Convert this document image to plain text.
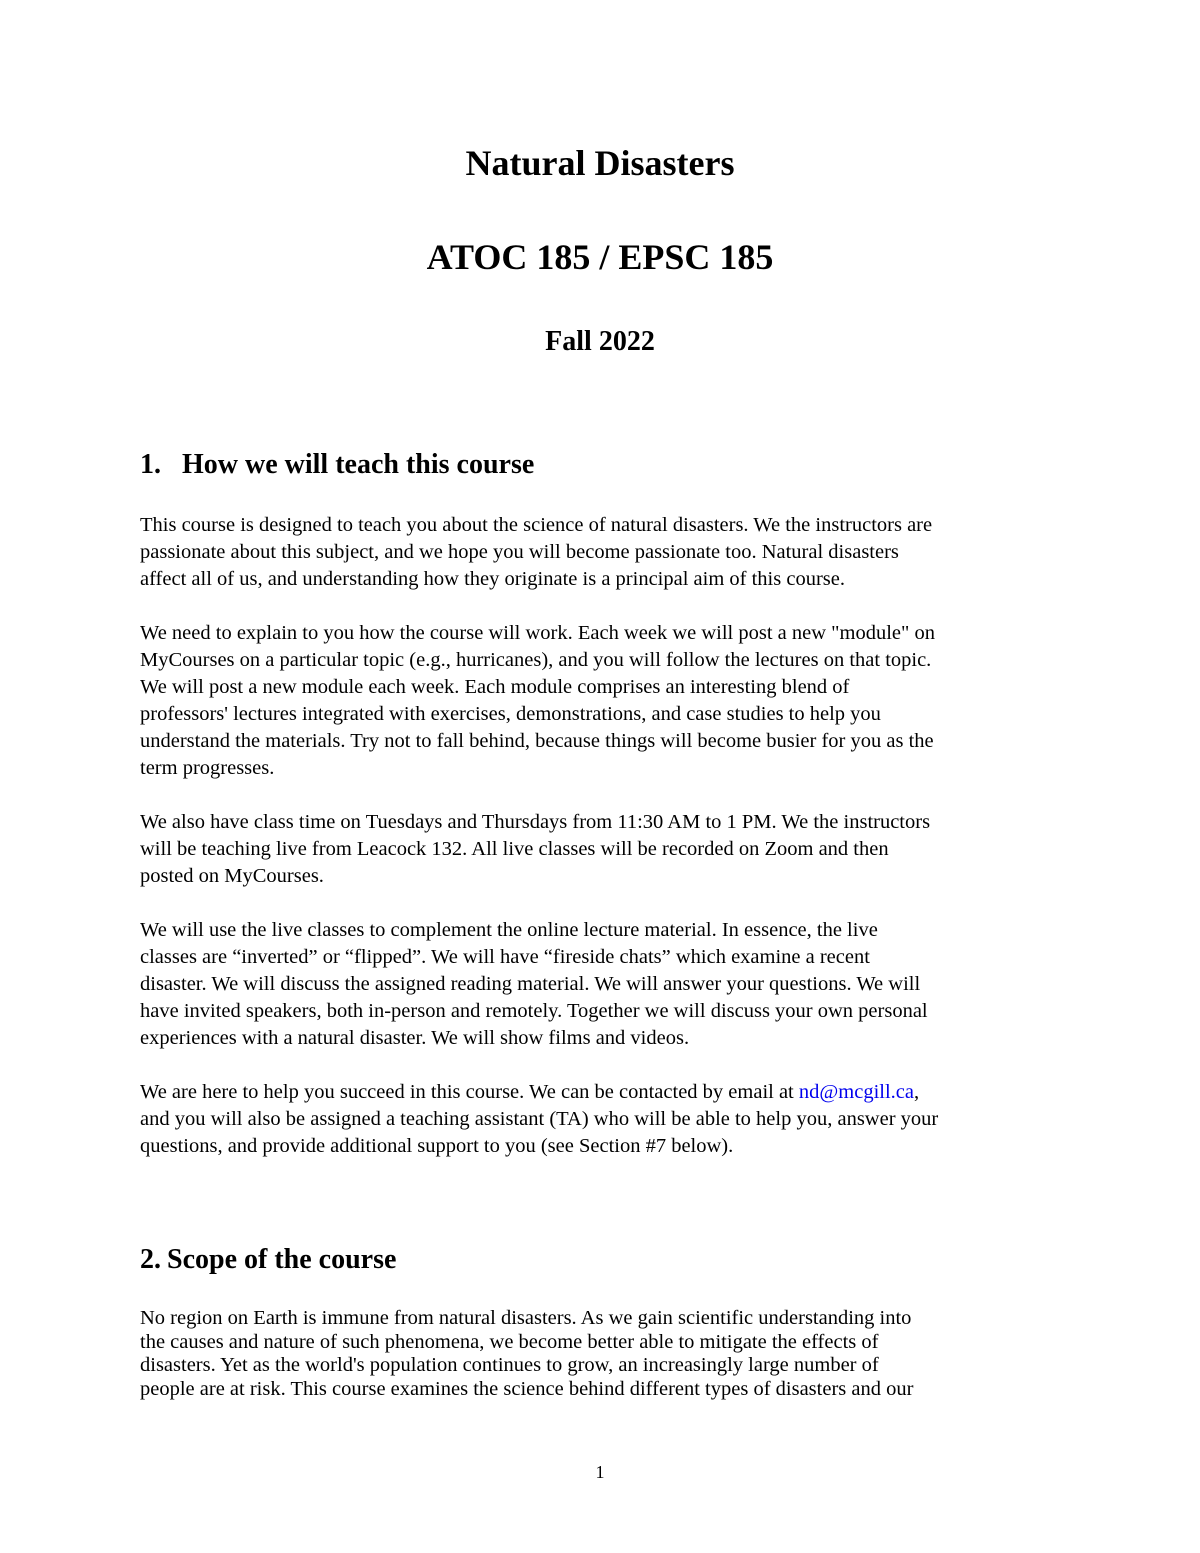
Natural Disasters
ATOC 185 / EPSC 185
Fall 2022
1. How we will teach this course

This course is designed to teach you about the science of natural disasters. We the instructors are
passionate about this subject, and we hope you will become passionate too. Natural disasters
affect all of us, and understanding how they originate is a principal aim of this course.

We need to explain to you how the course will work. Each week we will post a new "module" on
MyCourses on a particular topic (e.g., hurricanes), and you will follow the lectures on that topic.
We will post a new module each week. Each module comprises an interesting blend of
professors' lectures integrated with exercises, demonstrations, and case studies to help you
understand the materials. Try not to fall behind, because things will become busier for you as the
term progresses.

We also have class time on Tuesdays and Thursdays from 11:30 AM to 1 PM. We the instructors
will be teaching live from Leacock 132. All live classes will be recorded on Zoom and then
posted on MyCourses.

We will use the live classes to complement the online lecture material. In essence, the live
classes are “inverted” or “flipped”. We will have “fireside chats” which examine a recent
disaster. We will discuss the assigned reading material. We will answer your questions. We will
have invited speakers, both in-person and remotely. Together we will discuss your own personal
experiences with a natural disaster. We will show films and videos.

We are here to help you succeed in this course. We can be contacted by email at nd@mcgill.ca,
and you will also be assigned a teaching assistant (TA) who will be able to help you, answer your
questions, and provide additional support to you (see Section #7 below).

2. Scope of the course

No region on Earth is immune from natural disasters. As we gain scientific understanding into
the causes and nature of such phenomena, we become better able to mitigate the effects of
disasters. Yet as the world's population continues to grow, an increasingly large number of
people are at risk. This course examines the science behind different types of disasters and our

1
